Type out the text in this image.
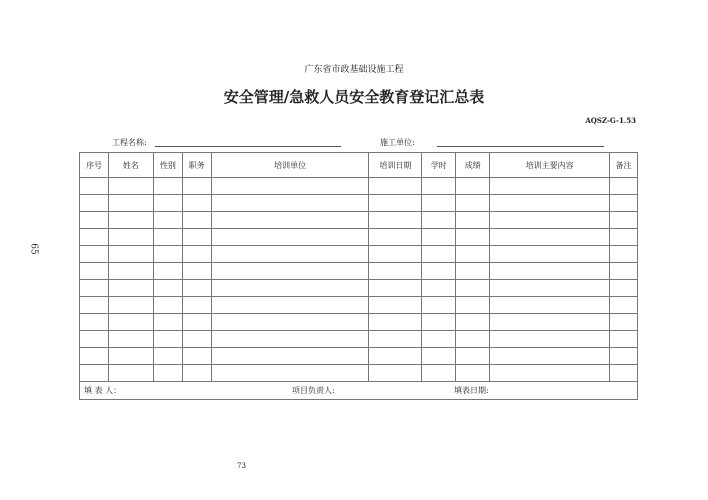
65
广东省市政基础设施工程
安全管理/急救人员安全教育登记汇总表
AQSZ-G-1.53
工程名称:	施工单位:
序号	姓名	性别	职务	培训单位	培训日期	学时	成绩	培训主要内容	备注

填 表 人： 项目负责人: 填表日期:									
73
